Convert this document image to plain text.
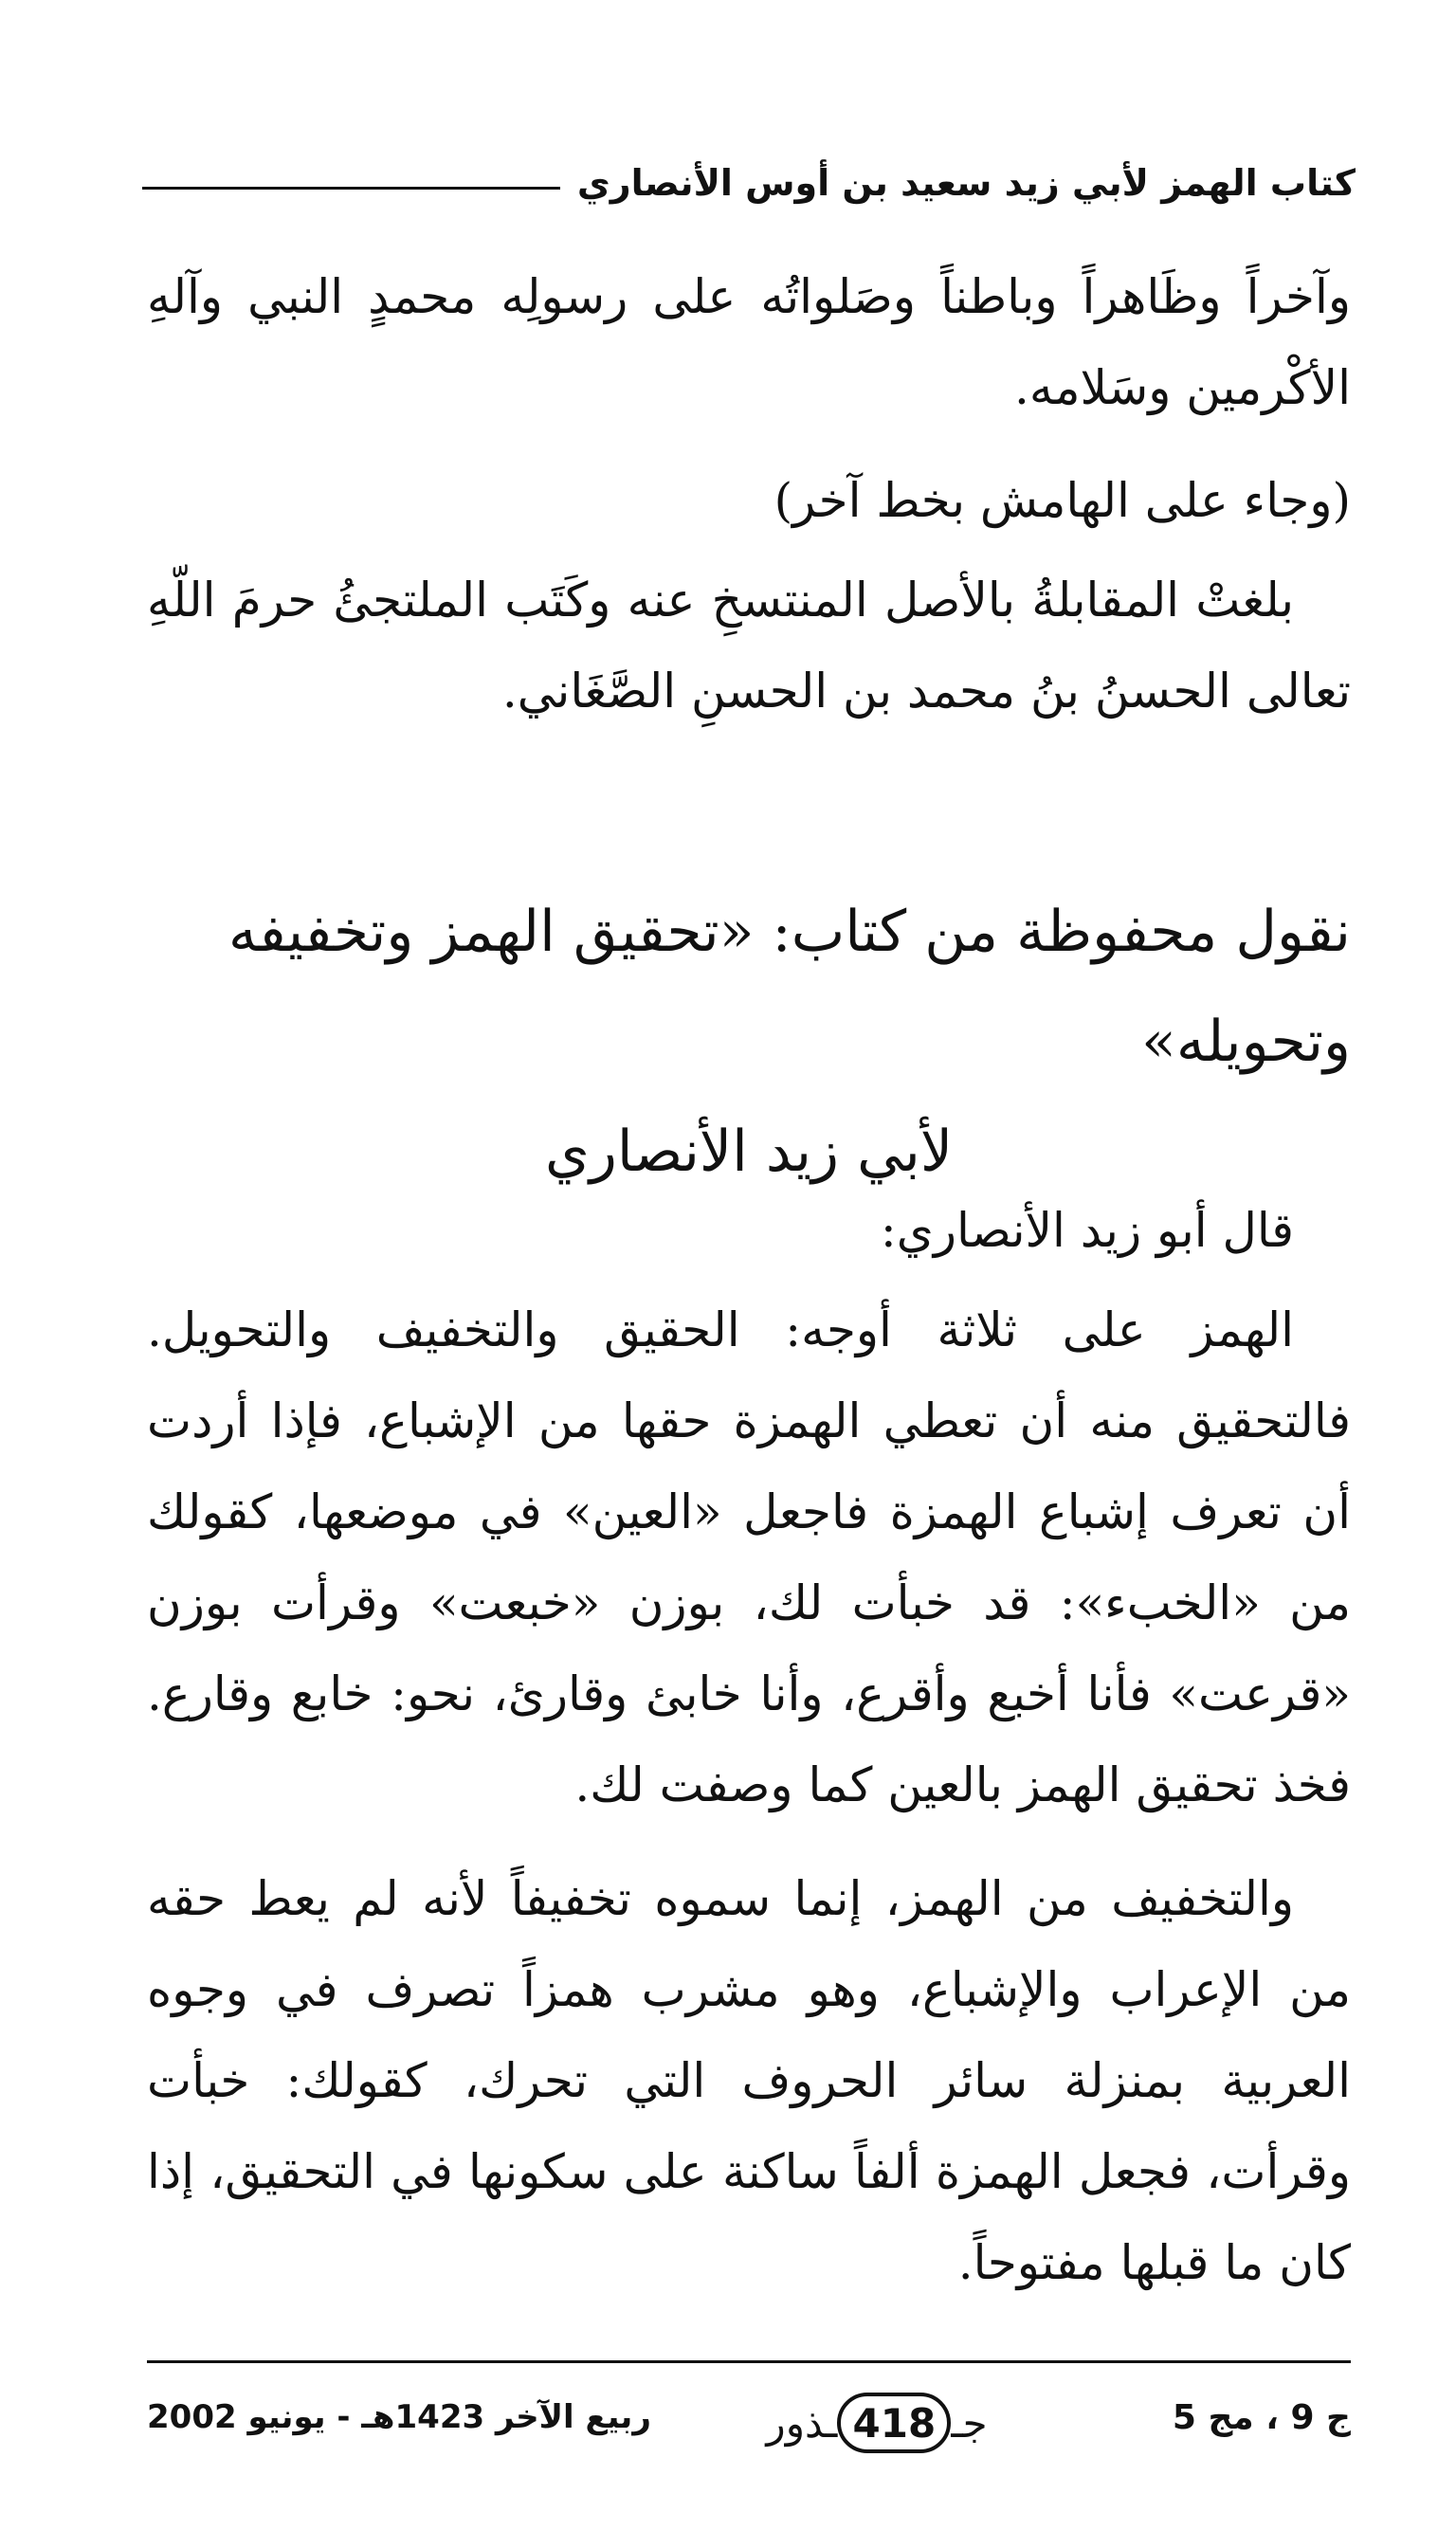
كتاب الهمز لأبي زيد سعيد بن أوس الأنصاري

وآخراً وظَاهراً وباطناً وصَلواتُه على رسولِه محمدٍ النبي وآلهِ الأكْرمين وسَلامه.

(وجاء على الهامش بخط آخر)

بلغتْ المقابلةُ بالأصل المنتسخِ عنه وكَتَب الملتجئُ حرمَ اللّهِ تعالى الحسنُ بنُ محمد بن الحسنِ الصَّغَاني.

نقول محفوظة من كتاب: «تحقيق الهمز وتخفيفه وتحويله»
لأبي زيد الأنصاري

قال أبو زيد الأنصاري:

الهمز على ثلاثة أوجه: الحقيق والتخفيف والتحويل. فالتحقيق منه أن تعطي الهمزة حقها من الإشباع، فإذا أردت أن تعرف إشباع الهمزة فاجعل «العين» في موضعها، كقولك من «الخبء»: قد خبأت لك، بوزن «خبعت» وقرأت بوزن «قرعت» فأنا أخبع وأقرع، وأنا خابئ وقارئ، نحو: خابع وقارع. فخذ تحقيق الهمز بالعين كما وصفت لك.

والتخفيف من الهمز، إنما سموه تخفيفاً لأنه لم يعط حقه من الإعراب والإشباع، وهو مشرب همزاً تصرف في وجوه العربية بمنزلة سائر الحروف التي تحرك، كقولك: خبأت وقرأت، فجعل الهمزة ألفاً ساكنة على سكونها في التحقيق، إذا كان ما قبلها مفتوحاً.

ج 9 ، مج 5
جـ
418
ـذور
ربيع الآخر 1423هـ - يونيو 2002
